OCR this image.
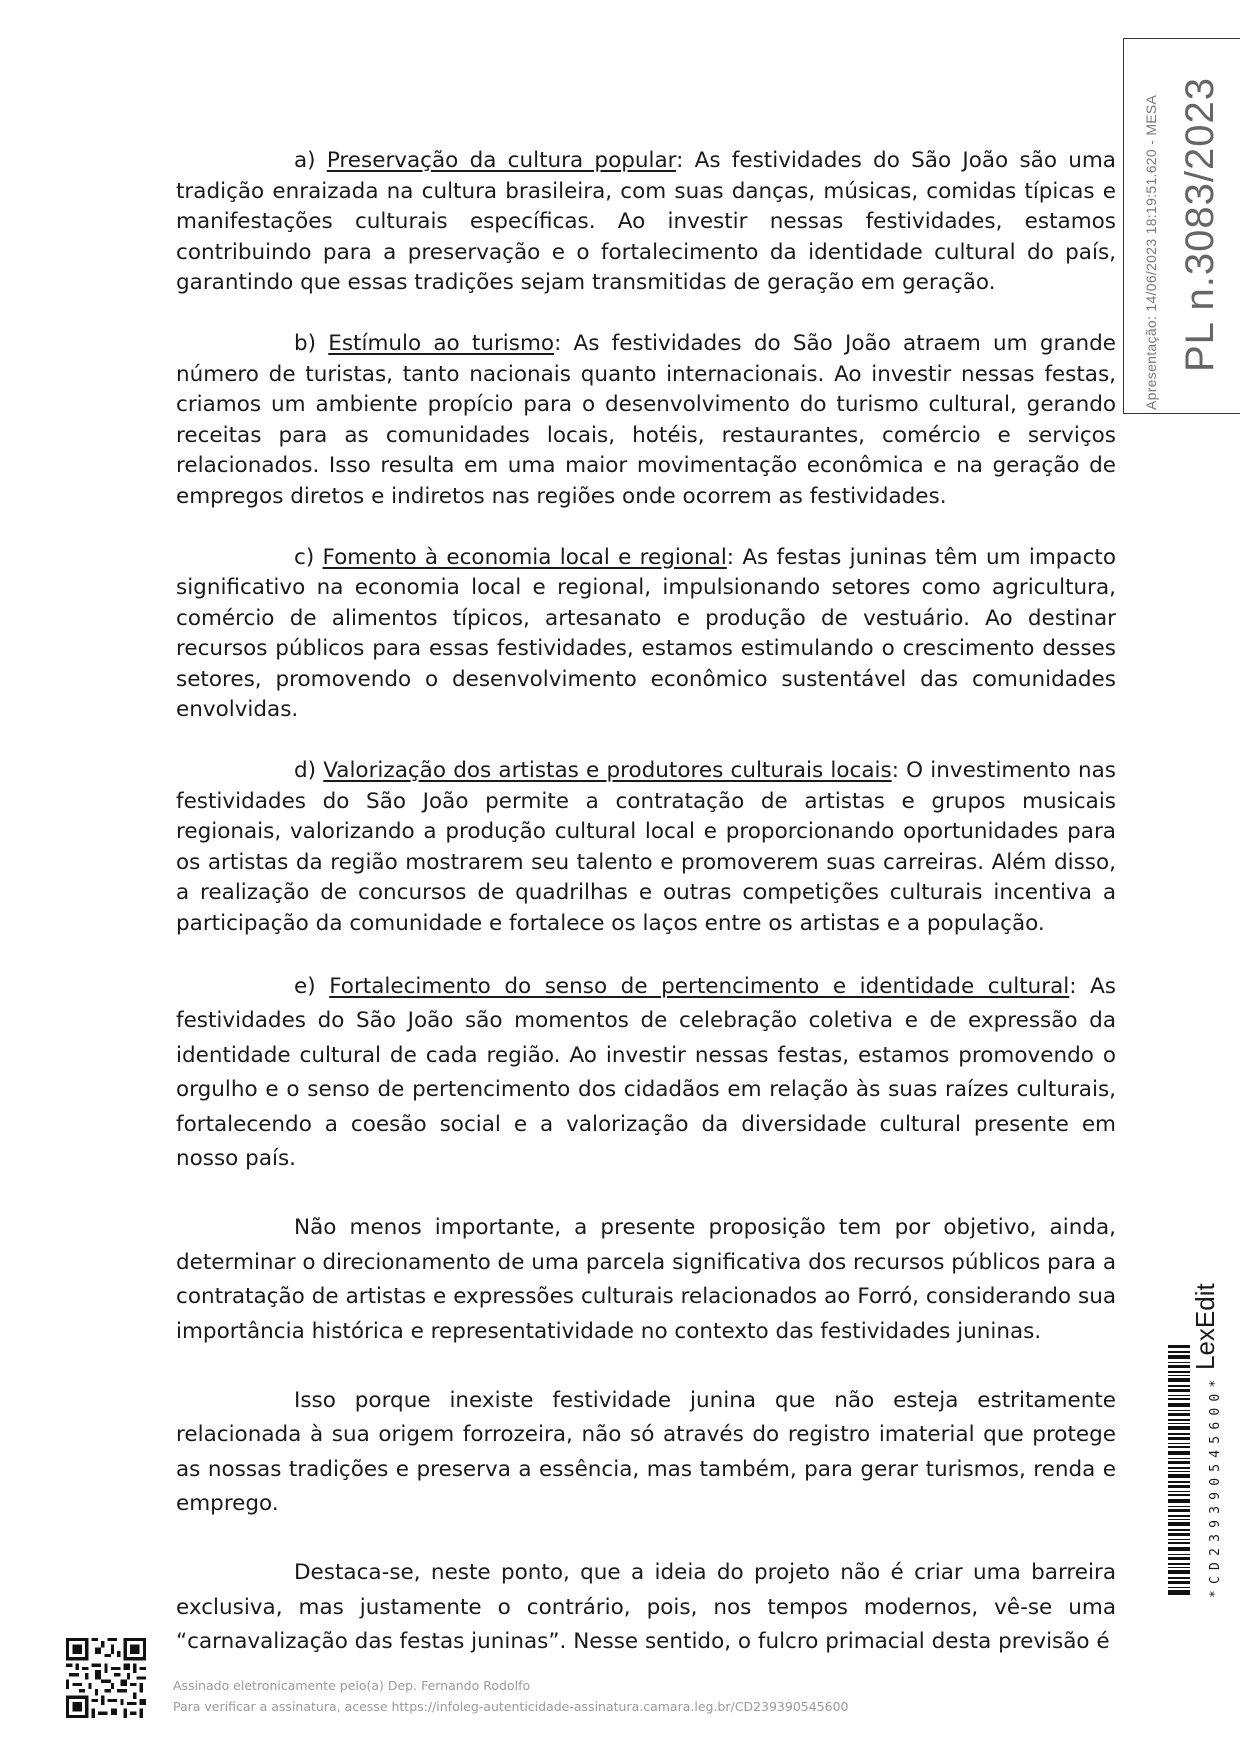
a) Preservação da cultura popular: As festividades do São João são uma tradição enraizada na cultura brasileira, com suas danças, músicas, comidas típicas e manifestações culturais específicas. Ao investir nessas festividades, estamos contribuindo para a preservação e o fortalecimento da identidade cultural do país, garantindo que essas tradições sejam transmitidas de geração em geração.

b) Estímulo ao turismo: As festividades do São João atraem um grande número de turistas, tanto nacionais quanto internacionais. Ao investir nessas festas, criamos um ambiente propício para o desenvolvimento do turismo cultural, gerando receitas para as comunidades locais, hotéis, restaurantes, comércio e serviços relacionados. Isso resulta em uma maior movimentação econômica e na geração de empregos diretos e indiretos nas regiões onde ocorrem as festividades.

c) Fomento à economia local e regional: As festas juninas têm um impacto significativo na economia local e regional, impulsionando setores como agricultura, comércio de alimentos típicos, artesanato e produção de vestuário. Ao destinar recursos públicos para essas festividades, estamos estimulando o crescimento desses setores, promovendo o desenvolvimento econômico sustentável das comunidades envolvidas.

d) Valorização dos artistas e produtores culturais locais: O investimento nas festividades do São João permite a contratação de artistas e grupos musicais regionais, valorizando a produção cultural local e proporcionando oportunidades para os artistas da região mostrarem seu talento e promoverem suas carreiras. Além disso, a realização de concursos de quadrilhas e outras competições culturais incentiva a participação da comunidade e fortalece os laços entre os artistas e a população.

e) Fortalecimento do senso de pertencimento e identidade cultural: As festividades do São João são momentos de celebração coletiva e de expressão da identidade cultural de cada região. Ao investir nessas festas, estamos promovendo o orgulho e o senso de pertencimento dos cidadãos em relação às suas raízes culturais, fortalecendo a coesão social e a valorização da diversidade cultural presente em nosso país.

Não menos importante, a presente proposição tem por objetivo, ainda, determinar o direcionamento de uma parcela significativa dos recursos públicos para a contratação de artistas e expressões culturais relacionados ao Forró, considerando sua importância histórica e representatividade no contexto das festividades juninas.

Isso porque inexiste festividade junina que não esteja estritamente relacionada à sua origem forrozeira, não só através do registro imaterial que protege as nossas tradições e preserva a essência, mas também, para gerar turismos, renda e emprego.

Destaca-se, neste ponto, que a ideia do projeto não é criar uma barreira exclusiva, mas justamente o contrário, pois, nos tempos modernos, vê-se uma “carnavalização das festas juninas”. Nesse sentido, o fulcro primacial desta previsão é

Apresentação: 14/06/2023 18:19:51.620 - MESA PL n.3083/2023
LexEdit
*CD239390545600*
Assinado eletronicamente pelo(a) Dep. Fernando Rodolfo
Para verificar a assinatura, acesse https://infoleg-autenticidade-assinatura.camara.leg.br/CD239390545600
